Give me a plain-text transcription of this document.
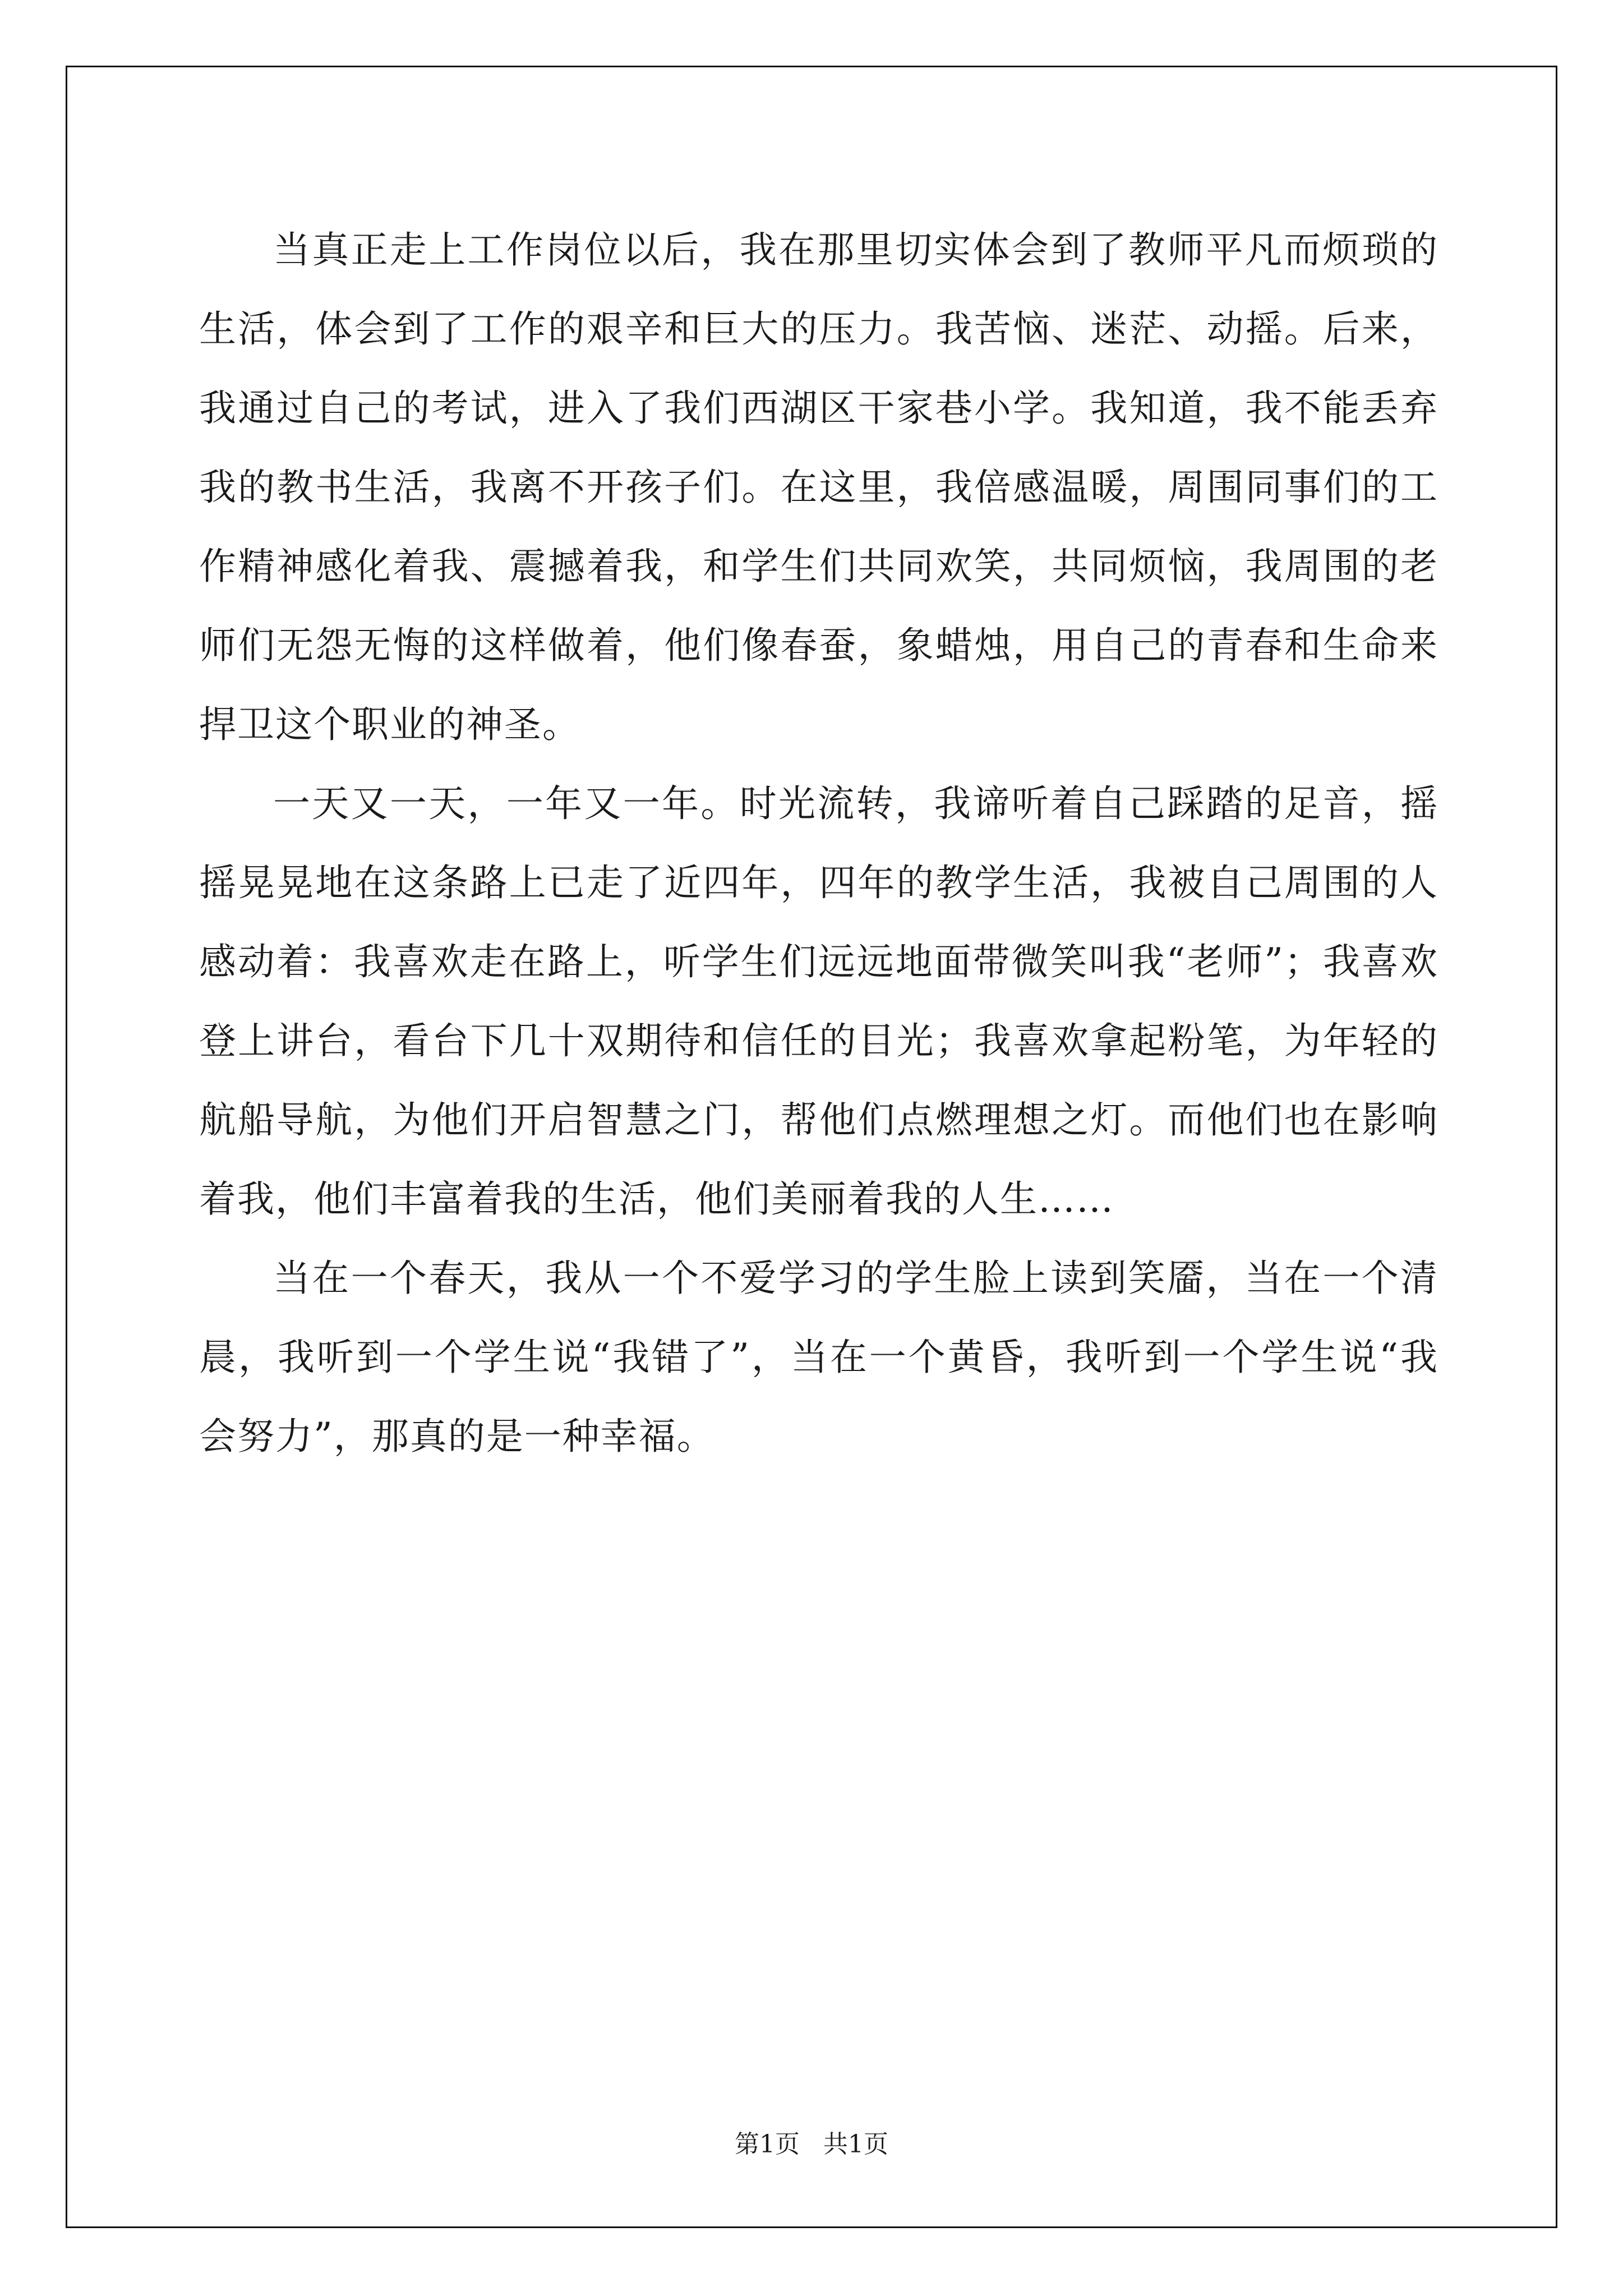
当真正走上工作岗位以后，我在那里切实体会到了教师平凡而烦琐的生活，体会到了工作的艰辛和巨大的压力。我苦恼、迷茫、动摇。后来，我通过自己的考试，进入了我们西湖区干家巷小学。我知道，我不能丢弃我的教书生活，我离不开孩子们。在这里，我倍感温暖，周围同事们的工作精神感化着我、震撼着我，和学生们共同欢笑，共同烦恼，我周围的老师们无怨无悔的这样做着，他们像春蚕，象蜡烛，用自己的青春和生命来捍卫这个职业的神圣。

一天又一天，一年又一年。时光流转，我谛听着自己踩踏的足音，摇摇晃晃地在这条路上已走了近四年，四年的教学生活，我被自己周围的人感动着：我喜欢走在路上，听学生们远远地面带微笑叫我“老师”；我喜欢登上讲台，看台下几十双期待和信任的目光；我喜欢拿起粉笔，为年轻的航船导航，为他们开启智慧之门，帮他们点燃理想之灯。而他们也在影响着我，他们丰富着我的生活，他们美丽着我的人生……

当在一个春天，我从一个不爱学习的学生脸上读到笑靥，当在一个清晨，我听到一个学生说“我错了”，当在一个黄昏，我听到一个学生说“我会努力”，那真的是一种幸福。

第1页   共1页
